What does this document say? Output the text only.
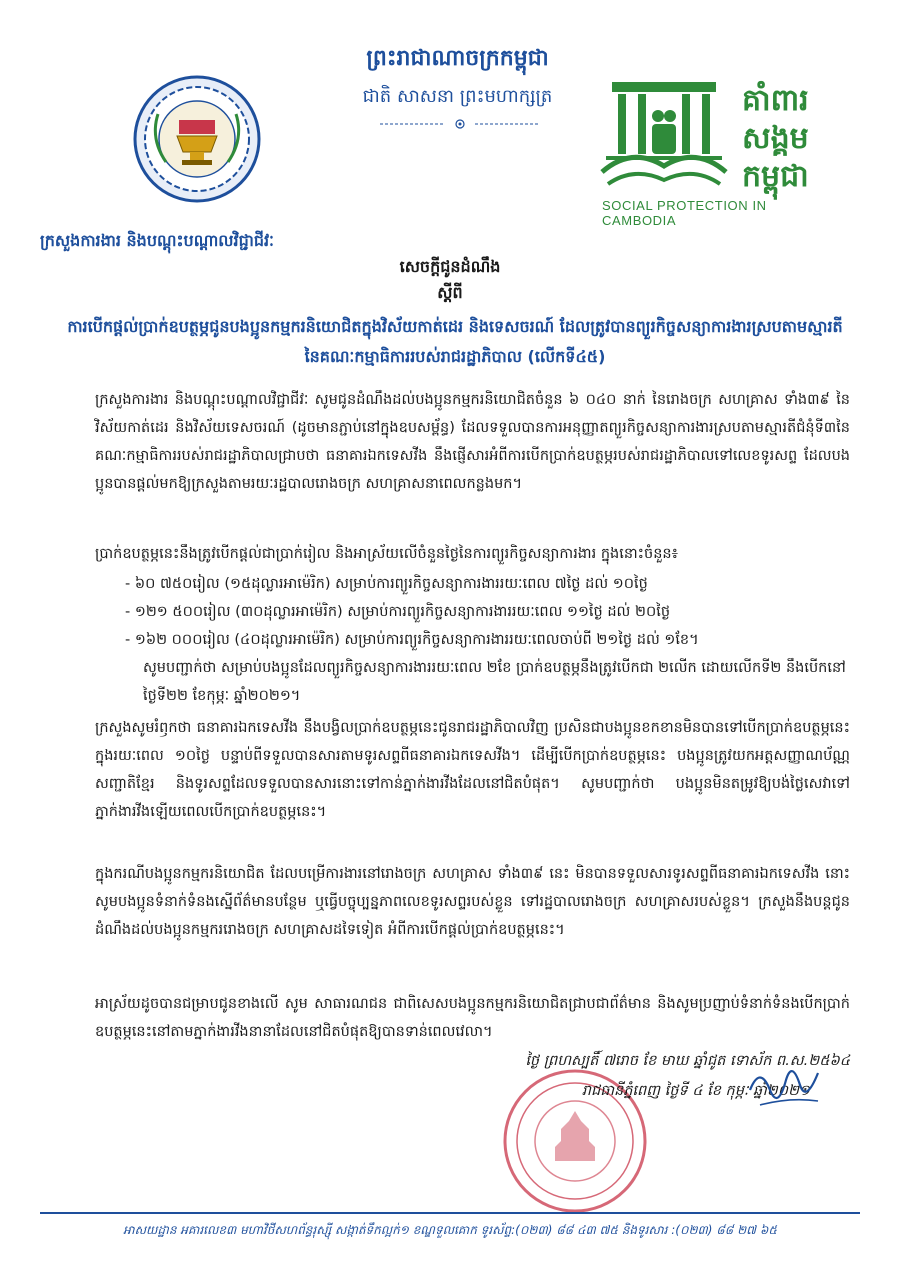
ព្រះរាជាណាចក្រកម្ពុជា
ជាតិ សាសនា ព្រះមហាក្សត្រ
ក្រសួងការងារ និងបណ្តុះបណ្តាលវិជ្ជាជីវៈ
គាំពារ
សង្គម
កម្ពុជា
SOCIAL PROTECTION IN CAMBODIA
សេចក្តីជូនដំណឹង
ស្តីពី
ការបើកផ្តល់ប្រាក់ឧបត្ថម្ភជូនបងប្អូនកម្មករនិយោជិតក្នុងវិស័យកាត់ដេរ និងទេសចរណ៍ ដែលត្រូវបានព្យួរកិច្ចសន្យាការងារស្របតាមស្មារតីនៃគណៈកម្មាធិការរបស់រាជរដ្ឋាភិបាល (លើកទី៤៥)
ក្រសួងការងារ និងបណ្តុះបណ្តាលវិជ្ជាជីវៈ សូមជូនដំណឹងដល់បងប្អូនកម្មករនិយោជិតចំនួន ៦ ០៤០ នាក់ នៃរោងចក្រ សហគ្រាស ទាំង៣៩ នៃវិស័យកាត់ដេរ និងវិស័យទេសចរណ៍ (ដូចមានភ្ជាប់នៅក្នុងឧបសម្ព័ន្ធ) ដែលទទួលបានការអនុញ្ញាតព្យួរកិច្ចសន្យាការងារស្របតាមស្មារតីជំនុំទី៣នៃគណៈកម្មាធិការរបស់រាជរដ្ឋាភិបាលជ្រាបថា ធនាគារឯកទេសវីង នឹងផ្ញើសារអំពីការបើកប្រាក់ឧបត្ថម្ភរបស់រាជរដ្ឋាភិបាលទៅលេខទូរសព្ទ ដែលបងប្អូនបានផ្តល់មកឱ្យក្រសួងតាមរយៈរដ្ឋបាលរោងចក្រ សហគ្រាសនាពេលកន្លងមក។
ប្រាក់ឧបត្ថម្ភនេះនឹងត្រូវបើកផ្តល់ជាប្រាក់រៀល និងអាស្រ័យលើចំនួនថ្ងៃនៃការព្យួរកិច្ចសន្យាការងារ ក្នុងនោះចំនួន៖
- ៦០ ៧៥០រៀល (១៥ដុល្លារអាម៉េរិក) សម្រាប់ការព្យួរកិច្ចសន្យាការងាររយៈពេល ៧ថ្ងៃ ដល់ ១០ថ្ងៃ
- ១២១ ៥០០រៀល (៣០ដុល្លារអាម៉េរិក) សម្រាប់ការព្យួរកិច្ចសន្យាការងាររយៈពេល ១១ថ្ងៃ ដល់ ២០ថ្ងៃ
- ១៦២ ០០០រៀល (៤០ដុល្លារអាម៉េរិក) សម្រាប់ការព្យួរកិច្ចសន្យាការងាររយៈពេលចាប់ពី ២១ថ្ងៃ ដល់ ១ខែ។
សូមបញ្ជាក់ថា សម្រាប់បងប្អូនដែលព្យួរកិច្ចសន្យាការងាររយៈពេល ២ខែ ប្រាក់ឧបត្ថម្ភនឹងត្រូវបើកជា ២លើក ដោយលើកទី២ នឹងបើកនៅថ្ងៃទី២២ ខែកុម្ភៈ ឆ្នាំ២០២១។
ក្រសួងសូមរំឭកថា ធនាគារឯកទេសវីង នឹងបង្វិលប្រាក់ឧបត្ថម្ភនេះជូនរាជរដ្ឋាភិបាលវិញ ប្រសិនជាបងប្អូនខកខានមិនបានទៅបើកប្រាក់ឧបត្ថម្ភនេះ ក្នុងរយៈពេល ១០ថ្ងៃ បន្ទាប់ពីទទួលបានសារតាមទូរសព្ទពីធនាគារឯកទេសវីង។ ដើម្បីបើកប្រាក់ឧបត្ថម្ភនេះ បងប្អូនត្រូវយកអត្តសញ្ញាណប័ណ្ណសញ្ជាតិខ្មែរ និងទូរសព្ទដែលទទួលបានសារនោះទៅកាន់ភ្នាក់ងារវីងដែលនៅជិតបំផុត។ សូមបញ្ជាក់ថា បងប្អូនមិនតម្រូវឱ្យបង់ថ្លៃសេវាទៅភ្នាក់ងារវីងឡើយពេលបើកប្រាក់ឧបត្ថម្ភនេះ។
ក្នុងករណីបងប្អូនកម្មករនិយោជិត ដែលបម្រើការងារនៅរោងចក្រ សហគ្រាស ទាំង៣៩ នេះ មិនបានទទួលសារទូរសព្ទពីធនាគារឯកទេសវីង នោះសូមបងប្អូនទំនាក់ទំនងស្នើព័ត៌មានបន្ថែម ឬធ្វើបច្ចុប្បន្នភាពលេខទូរសព្ទរបស់ខ្លួន ទៅរដ្ឋបាលរោងចក្រ សហគ្រាសរបស់ខ្លួន។ ក្រសួងនឹងបន្តជូនដំណឹងដល់បងប្អូនកម្មកររោងចក្រ សហគ្រាសដទៃទៀត អំពីការបើកផ្តល់ប្រាក់ឧបត្ថម្ភនេះ។
អាស្រ័យដូចបានជម្រាបជូនខាងលើ សូម សាធារណជន ជាពិសេសបងប្អូនកម្មករនិយោជិតជ្រាបជាព័ត៌មាន និងសូមប្រញាប់ទំនាក់ទំនងបើកប្រាក់ឧបត្ថម្ភនេះនៅតាមភ្នាក់ងារវីងនានាដែលនៅជិតបំផុតឱ្យបានទាន់ពេលវេលា។
ថ្ងៃ ព្រហស្បតិ៍ ៧រោច ខែ មាឃ ឆ្នាំជូត ទោស័ក ព.ស.២៥៦៤
រាជធានីភ្នំពេញ ថ្ងៃទី ៤ ខែ កុម្ភៈ ឆ្នាំ២០២១
អាសយដ្ឋាន អគារលេខ៣ មហាវិថីសហព័ន្ធរុស្ស៊ី សង្កាត់ទឹកល្អក់១ ខណ្ឌទួលគោក ទូរស័ព្ទ:(០២៣) ៨៨ ៤៣ ៧៥ និងទូរសារ :(០២៣) ៨៨ ២៧ ៦៥
